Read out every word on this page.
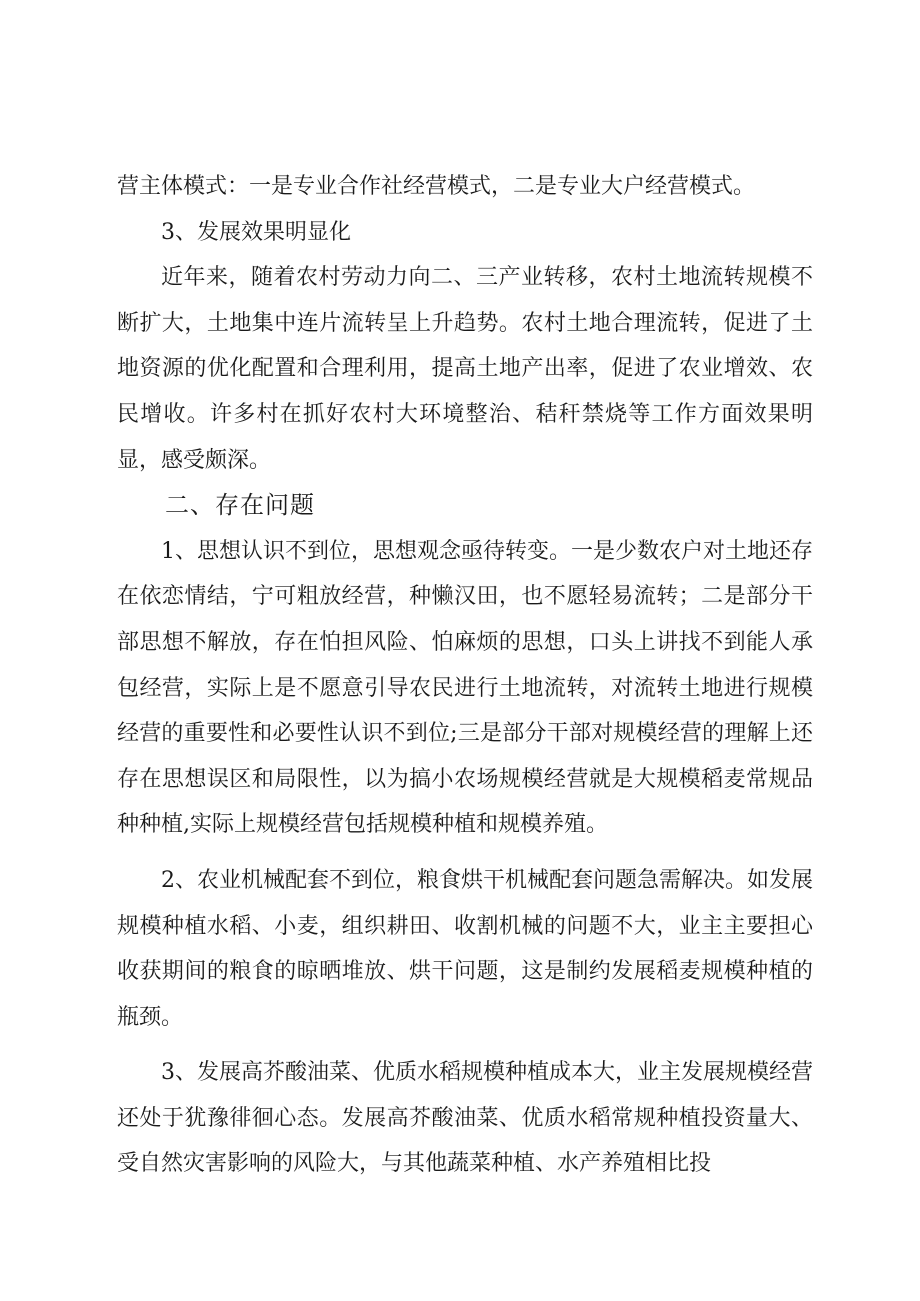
营主体模式：一是专业合作社经营模式，二是专业大户经营模式。

3、发展效果明显化

近年来，随着农村劳动力向二、三产业转移，农村土地流转规模不断扩大，土地集中连片流转呈上升趋势。农村土地合理流转，促进了土地资源的优化配置和合理利用，提高土地产出率，促进了农业增效、农民增收。许多村在抓好农村大环境整治、秸秆禁烧等工作方面效果明显，感受颇深。

二、存在问题

1、思想认识不到位，思想观念亟待转变。一是少数农户对土地还存在依恋情结，宁可粗放经营，种懒汉田，也不愿轻易流转；二是部分干部思想不解放，存在怕担风险、怕麻烦的思想，口头上讲找不到能人承包经营，实际上是不愿意引导农民进行土地流转，对流转土地进行规模经营的重要性和必要性认识不到位;三是部分干部对规模经营的理解上还存在思想误区和局限性，以为搞小农场规模经营就是大规模稻麦常规品种种植,实际上规模经营包括规模种植和规模养殖。

2、农业机械配套不到位，粮食烘干机械配套问题急需解决。如发展规模种植水稻、小麦，组织耕田、收割机械的问题不大，业主主要担心收获期间的粮食的晾晒堆放、烘干问题，这是制约发展稻麦规模种植的瓶颈。

3、发展高芥酸油菜、优质水稻规模种植成本大，业主发展规模经营还处于犹豫徘徊心态。发展高芥酸油菜、优质水稻常规种植投资量大、受自然灾害影响的风险大，与其他蔬菜种植、水产养殖相比投
